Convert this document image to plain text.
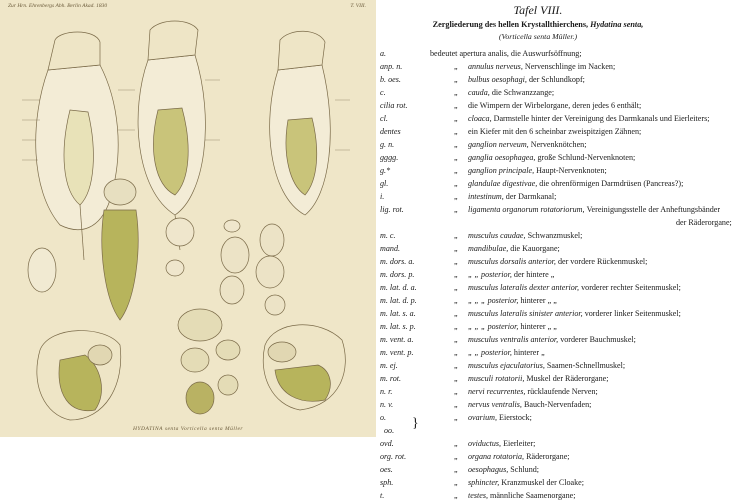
Zur Hrn. Ehrenbergs Abh. Berlin Akad. 1830	T. VIII.
HYDATINA senta Vorticella senta Müller
Tafel VIII.
Zergliederung des hellen Krystallthierchens, Hydatina senta,
(Vorticella senta Müller.)
a.	bedeutet apertura analis, die Auswurfsöffnung;
anp. n.	„ annulus nerveus, Nervenschlinge im Nacken;
b. oes.	„ bulbus oesophagi, der Schlundkopf;
c.	„ cauda, die Schwanzzange;
cilia rot.	„ die Wimpern der Wirbelorgane, deren jedes 6 enthält;
cl.	„ cloaca, Darmstelle hinter der Vereinigung des Darmkanals und Eierleiters;
dentes	„ ein Kiefer mit den 6 scheinbar zweispitzigen Zähnen;
g. n.	„ ganglion nerveum, Nervenknötchen;
gggg.	„ ganglia oesophagea, große Schlund-Nervenknoten;
g.*	„ ganglion principale, Haupt-Nervenknoten;
gl.	„ glandulae digestivae, die ohrenförmigen Darmdrüsen (Pancreas?);
i.	„ intestinum, der Darmkanal;
lig. rot.	„ ligamenta organorum rotatoriorum, Vereinigungsstelle der Anheftungsbänder
der Räderorgane;
m. c.	„ musculus caudae, Schwanzmuskel;
mand.	„ mandibulae, die Kauorgane;
m. dors. a.	„ musculus dorsalis anterior, der vordere Rückenmuskel;
m. dors. p.	„ „ „ posterior, der hintere „
m. lat. d. a.	„ musculus lateralis dexter anterior, vorderer rechter Seitenmuskel;
m. lat. d. p.	„ „ „ „ posterior, hinterer „ „
m. lat. s. a.	„ musculus lateralis sinister anterior, vorderer linker Seitenmuskel;
m. lat. s. p.	„ „ „ „ posterior, hinterer „ „
m. vent. a.	„ musculus ventralis anterior, vorderer Bauchmuskel;
m. vent. p.	„ „ „ posterior, hinterer „
m. ej.	„ musculus ejaculatorius, Saamen-Schnellmuskel;
m. rot.	„ musculi rotatorii, Muskel der Räderorgane;
n. r.	„ nervi recurrentes, rücklaufende Nerven;
n. v.	„ nervus ventralis, Bauch-Nervenfaden;
o.	„ ovarium, Eierstock;
}
oo.
ovd.	„ oviductus, Eierleiter;
org. rot.	„ organa rotatoria, Räderorgane;
oes.	„ oesophagus, Schlund;
sph.	„ sphincter, Kranzmuskel der Cloake;
t.	„ testes, männliche Saamenorgane;
